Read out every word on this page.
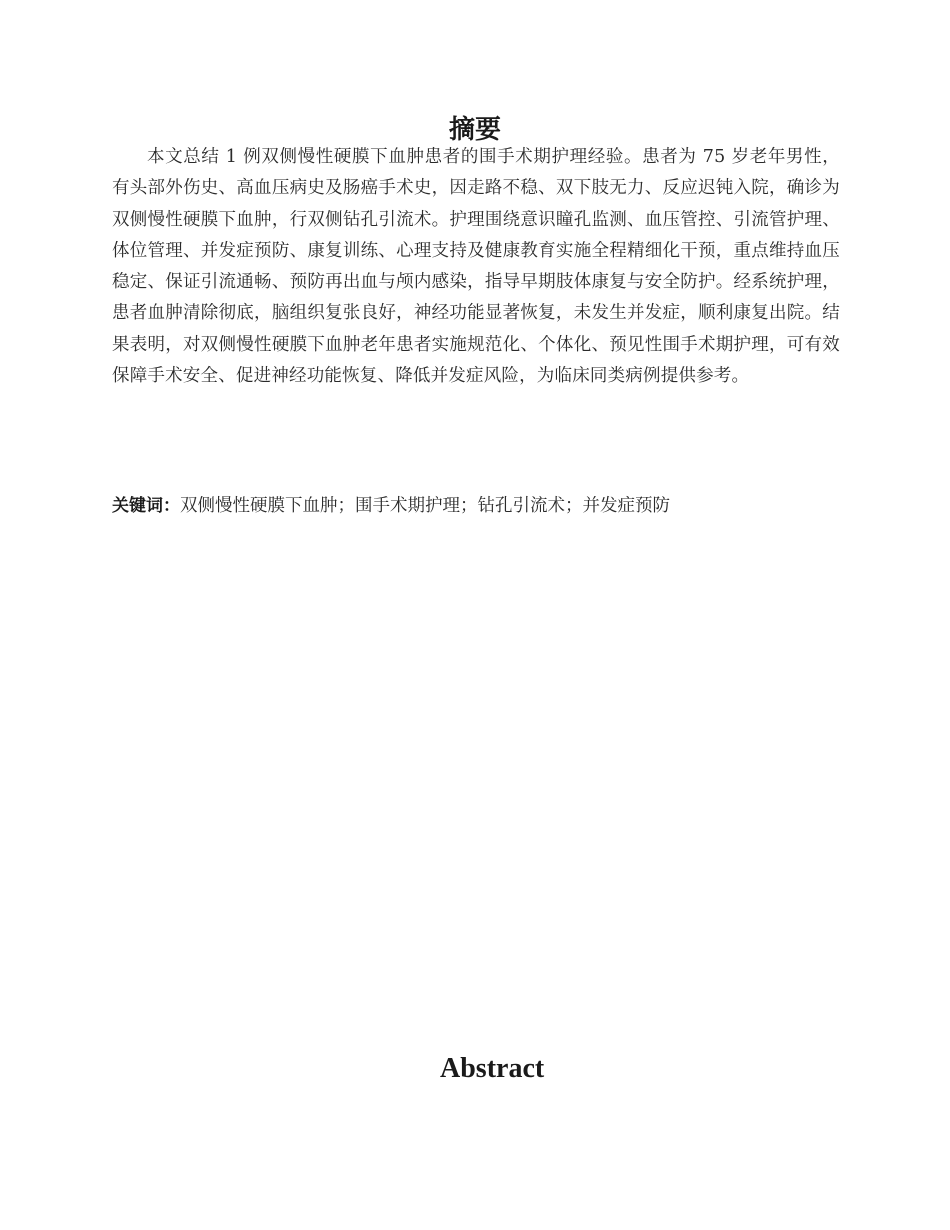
摘要
本文总结 1 例双侧慢性硬膜下血肿患者的围手术期护理经验。患者为 75 岁老年男性，有头部外伤史、高血压病史及肠癌手术史，因走路不稳、双下肢无力、反应迟钝入院，确诊为双侧慢性硬膜下血肿，行双侧钻孔引流术。护理围绕意识瞳孔监测、血压管控、引流管护理、体位管理、并发症预防、康复训练、心理支持及健康教育实施全程精细化干预，重点维持血压稳定、保证引流通畅、预防再出血与颅内感染，指导早期肢体康复与安全防护。经系统护理，患者血肿清除彻底，脑组织复张良好，神经功能显著恢复，未发生并发症，顺利康复出院。结果表明，对双侧慢性硬膜下血肿老年患者实施规范化、个体化、预见性围手术期护理，可有效保障手术安全、促进神经功能恢复、降低并发症风险，为临床同类病例提供参考。
关键词：双侧慢性硬膜下血肿；围手术期护理；钻孔引流术；并发症预防
Abstract
